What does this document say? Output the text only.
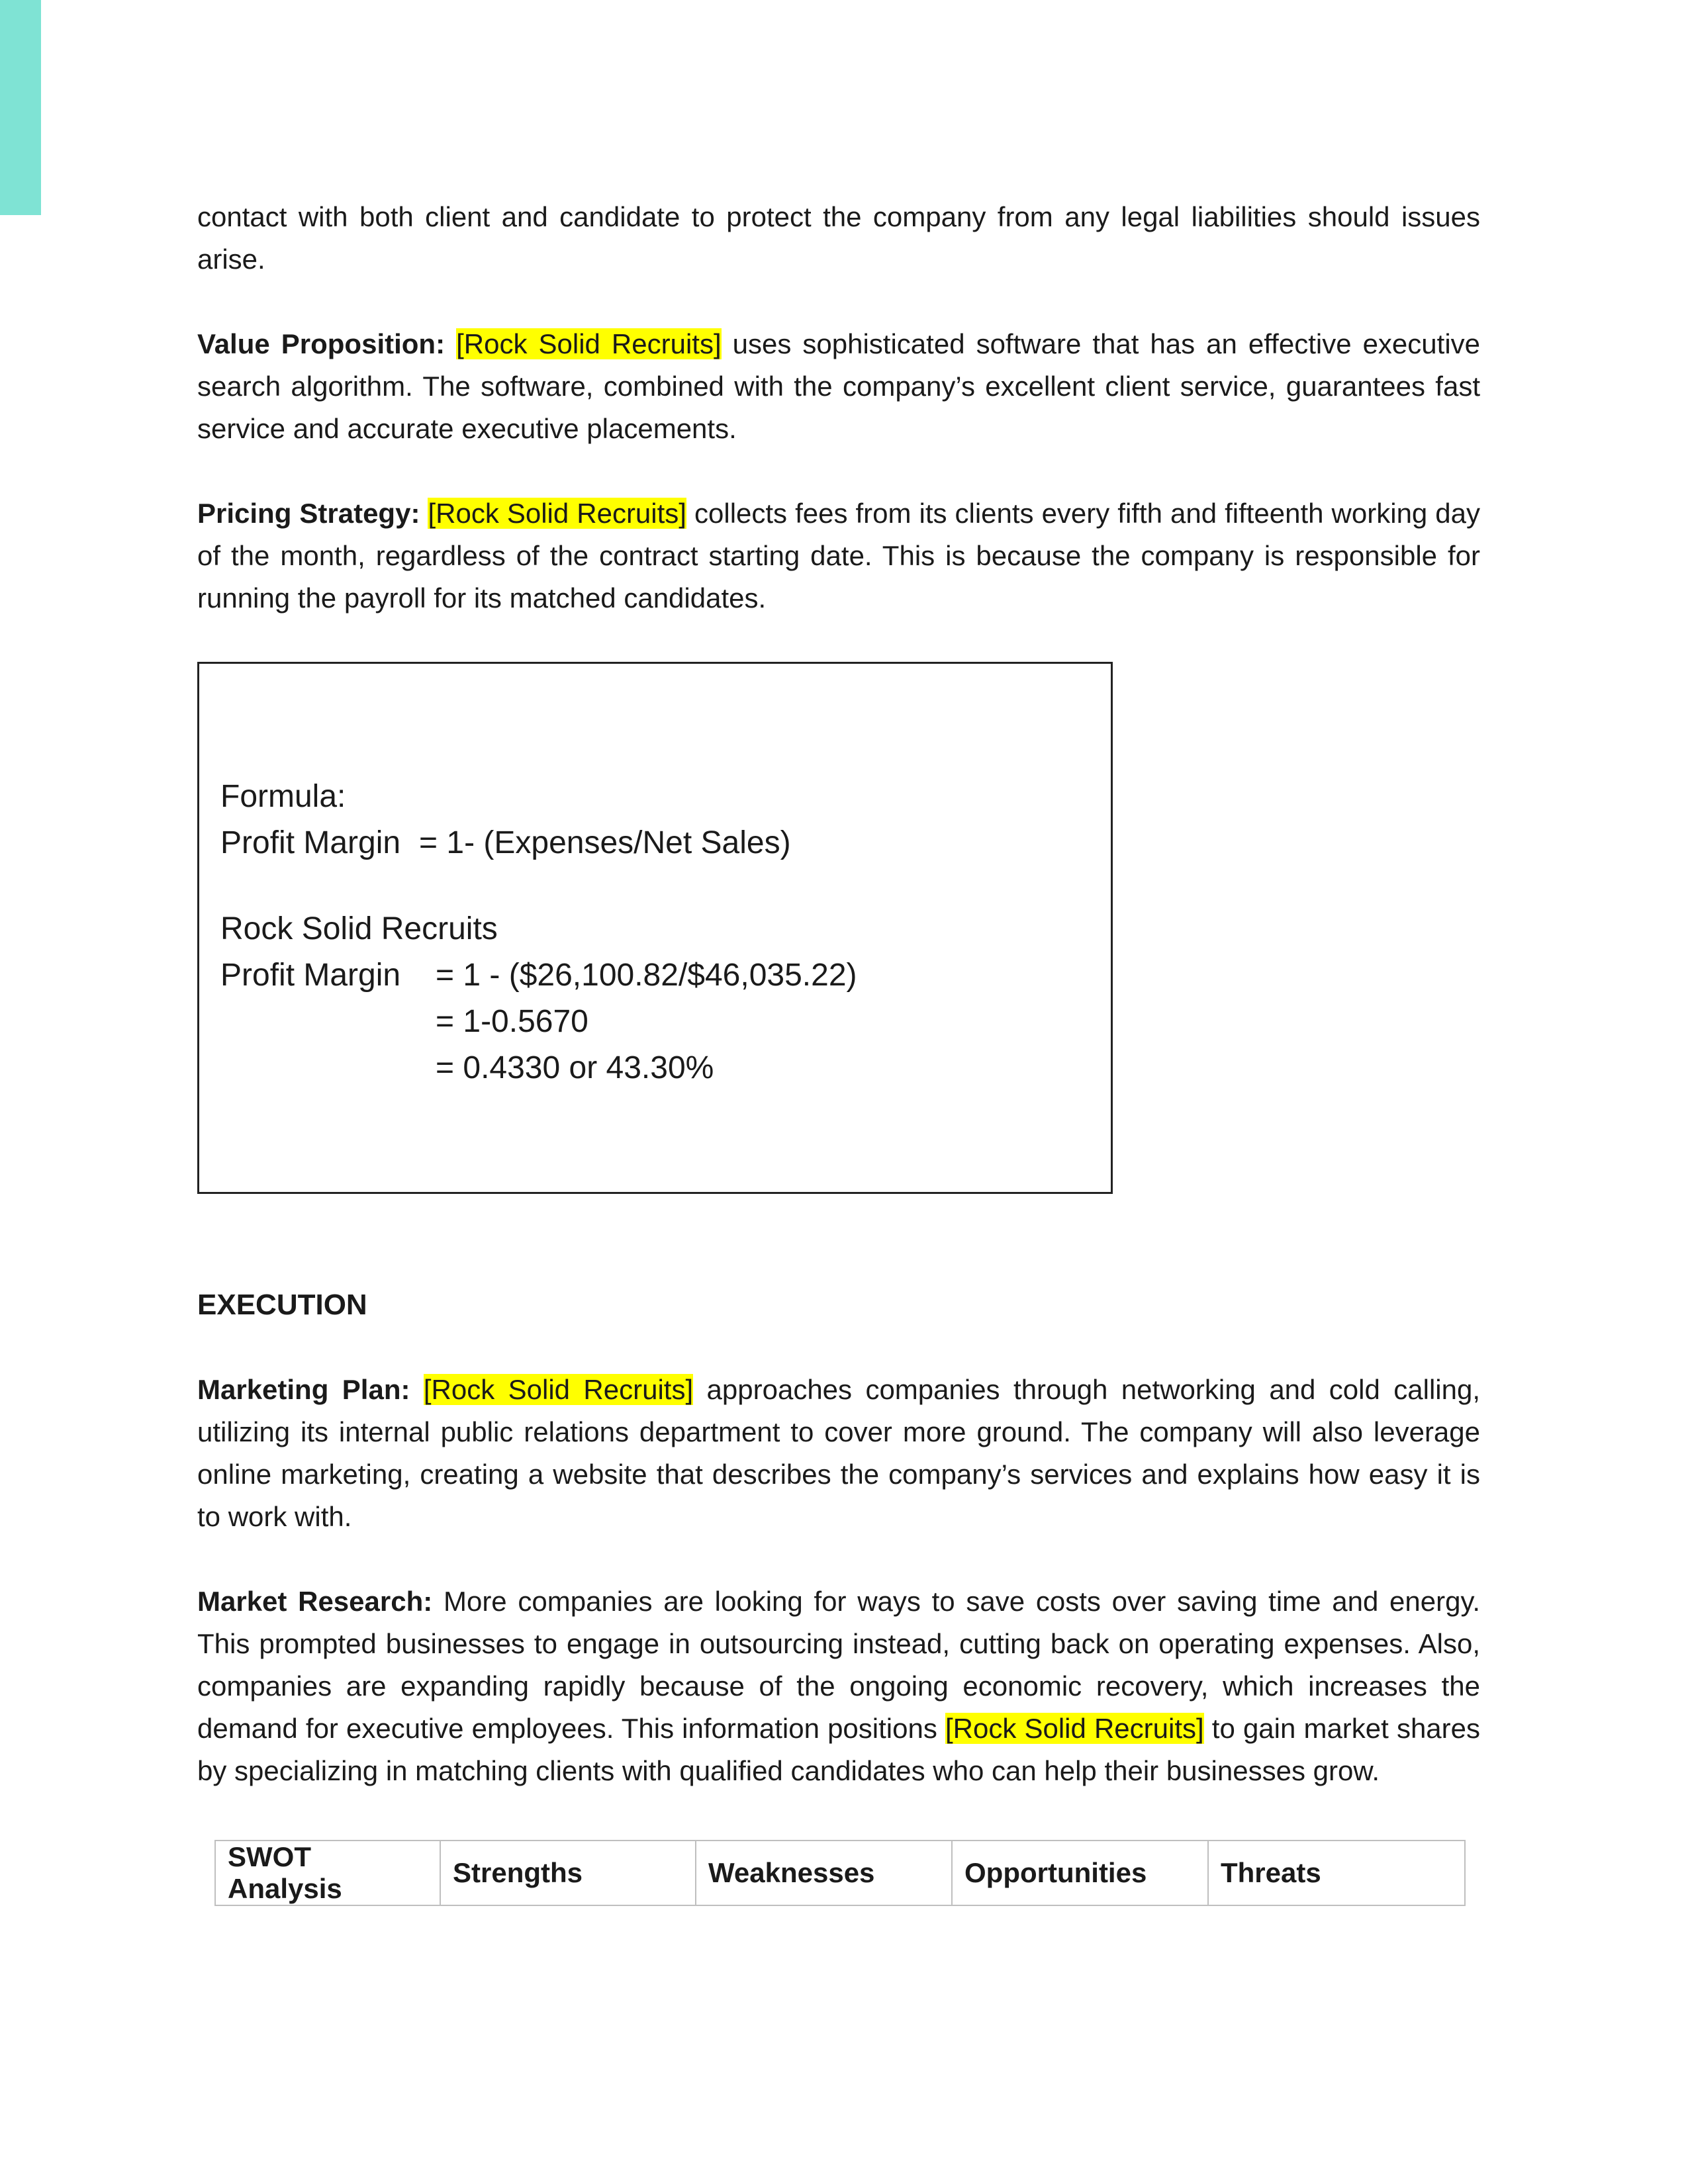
contact with both client and candidate to protect the company from any legal liabilities should issues arise.

Value Proposition: [Rock Solid Recruits] uses sophisticated software that has an effective executive search algorithm. The software, combined with the company’s excellent client service, guarantees fast service and accurate executive placements.

Pricing Strategy: [Rock Solid Recruits] collects fees from its clients every fifth and fifteenth working day of the month, regardless of the contract starting date. This is because the company is responsible for running the payroll for its matched candidates.

Formula:
Profit Margin = 1- (Expenses/Net Sales)
Rock Solid Recruits
Profit Margin = 1 - ($26,100.82/$46,035.22)
= 1-0.5670
= 0.4330 or 43.30%

EXECUTION

Marketing Plan: [Rock Solid Recruits] approaches companies through networking and cold calling, utilizing its internal public relations department to cover more ground. The company will also leverage online marketing, creating a website that describes the company’s services and explains how easy it is to work with.

Market Research: More companies are looking for ways to save costs over saving time and energy. This prompted businesses to engage in outsourcing instead, cutting back on operating expenses. Also, companies are expanding rapidly because of the ongoing economic recovery, which increases the demand for executive employees. This information positions [Rock Solid Recruits] to gain market shares by specializing in matching clients with qualified candidates who can help their businesses grow.

SWOT Analysis	Strengths	Weaknesses	Opportunities	Threats
